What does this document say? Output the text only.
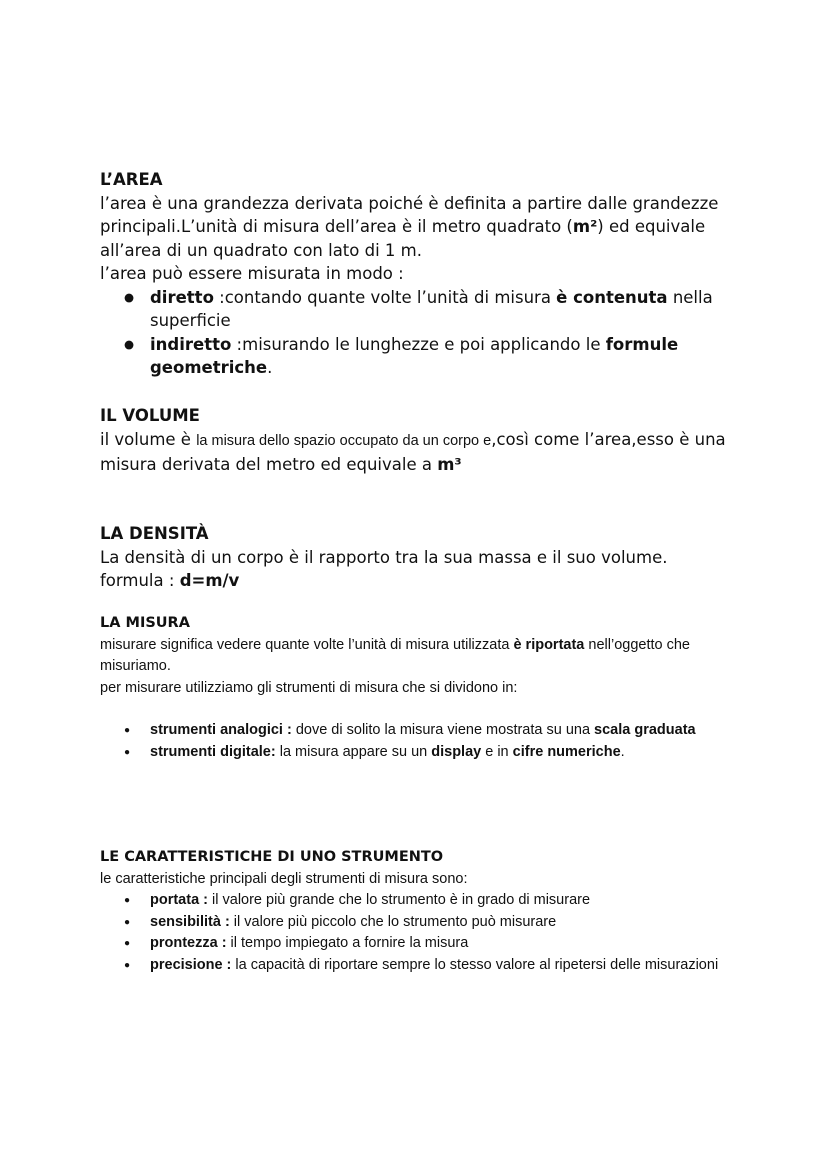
L’AREA

l’area è una grandezza derivata poiché è definita a partire dalle grandezze principali.L’unità di misura dell’area è il metro quadrato (m²) ed equivale all’area di un quadrato con lato di 1 m.

l’area può essere misurata in modo :

● diretto :contando quante volte l’unità di misura è contenuta nella superficie
● indiretto :misurando le lunghezze e poi applicando le formule geometriche.
IL VOLUME

il volume è la misura dello spazio occupato da un corpo e,così come l’area,esso è una misura derivata del metro ed equivale a m³

LA DENSITÀ

La densità di un corpo è il rapporto tra la sua massa e il suo volume.

formula : d=m/v

LA MISURA

misurare significa vedere quante volte l’unità di misura utilizzata è riportata nell’oggetto che misuriamo.

per misurare utilizziamo gli strumenti di misura che si dividono in:

● strumenti analogici : dove di solito la misura viene mostrata su una scala graduata
● strumenti digitale: la misura appare su un display e in cifre numeriche.
LE CARATTERISTICHE DI UNO STRUMENTO

le caratteristiche principali degli strumenti di misura sono:

● portata : il valore più grande che lo strumento è in grado di misurare
● sensibilità : il valore più piccolo che lo strumento può misurare
● prontezza : il tempo impiegato a fornire la misura
● precisione : la capacità di riportare sempre lo stesso valore al ripetersi delle misurazioni
